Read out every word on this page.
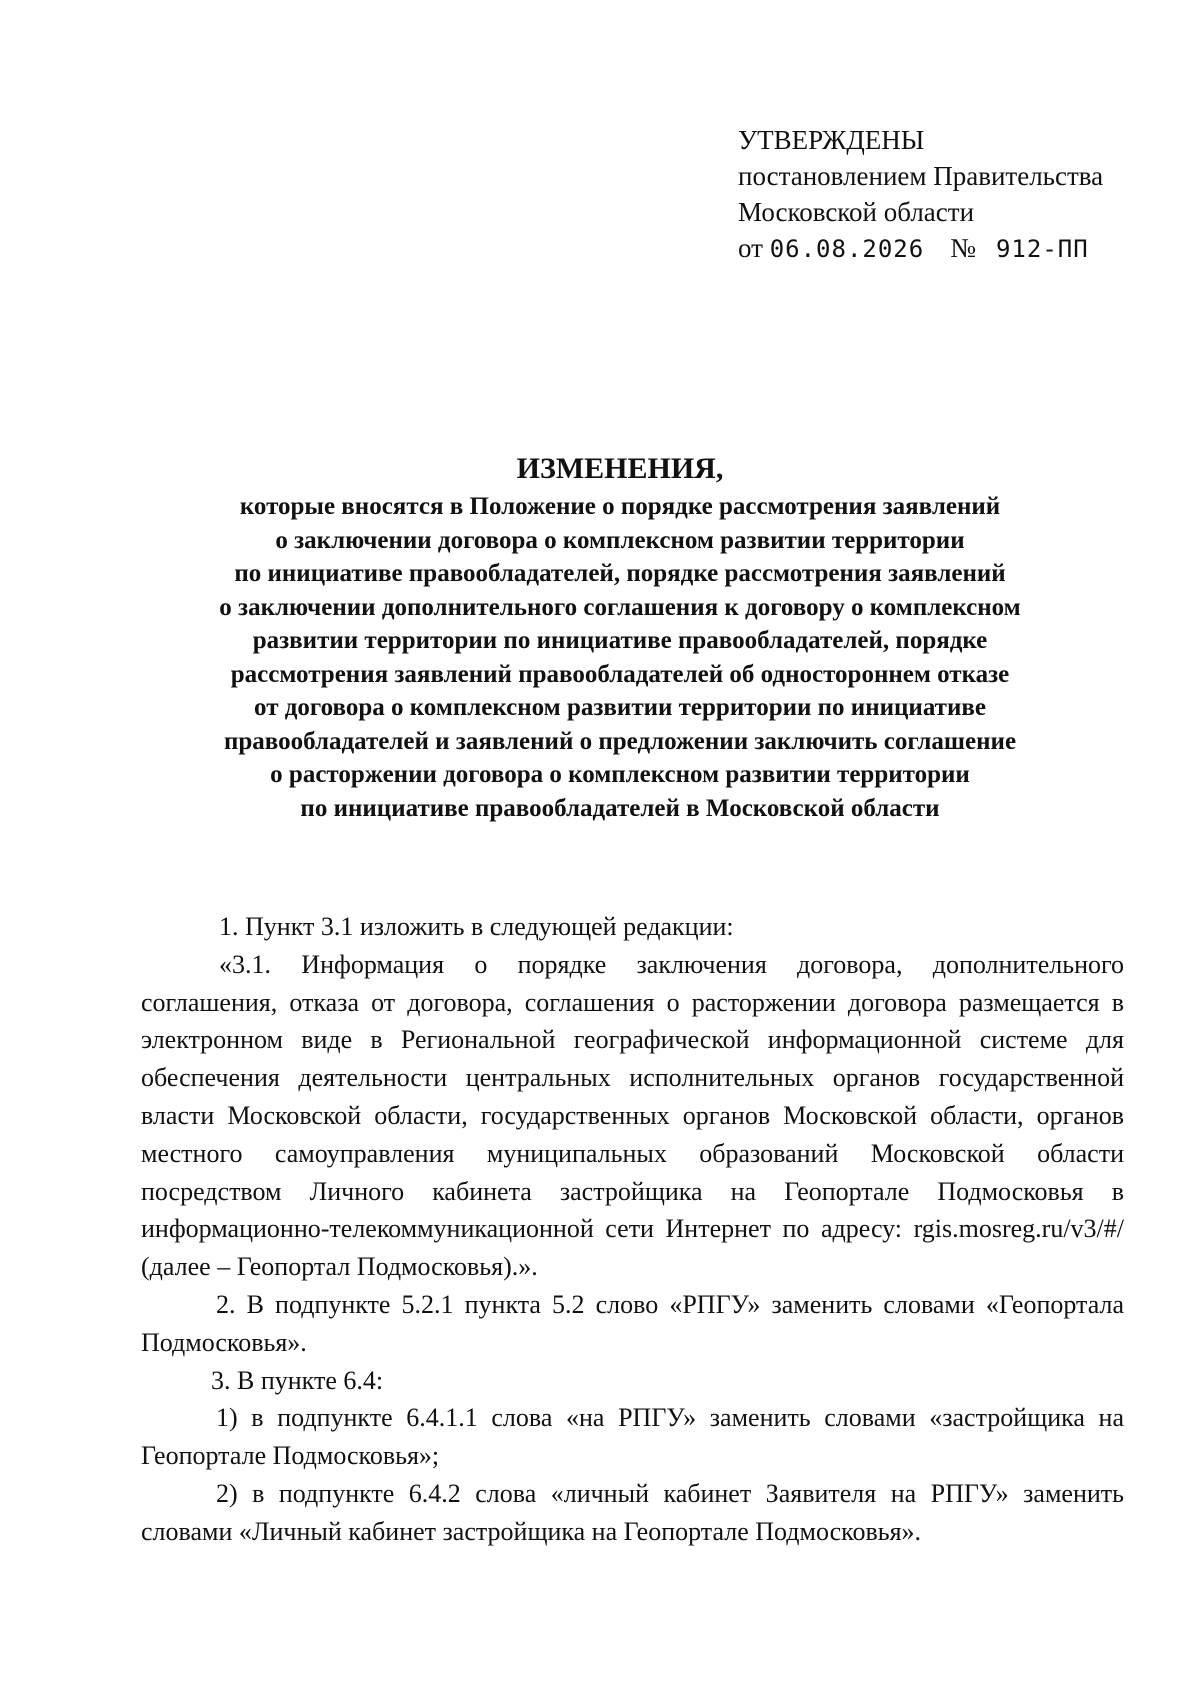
УТВЕРЖДЕНЫ
постановлением Правительства
Московской области
от 06.08.2026 № 912-ПП
ИЗМЕНЕНИЯ,
которые вносятся в Положение о порядке рассмотрения заявлений
о заключении договора о комплексном развитии территории
по инициативе правообладателей, порядке рассмотрения заявлений
о заключении дополнительного соглашения к договору о комплексном
развитии территории по инициативе правообладателей, порядке
рассмотрения заявлений правообладателей об одностороннем отказе
от договора о комплексном развитии территории по инициативе
правообладателей и заявлений о предложении заключить соглашение
о расторжении договора о комплексном развитии территории
по инициативе правообладателей в Московской области

1. Пункт 3.1 изложить в следующей редакции:

«3.1. Информация о порядке заключения договора, дополнительного соглашения, отказа от договора, соглашения о расторжении договора размещается в электронном виде в Региональной географической информационной системе для обеспечения деятельности центральных исполнительных органов государственной власти Московской области, государственных органов Московской области, органов местного самоуправления муниципальных образований Московской области посредством Личного кабинета застройщика на Геопортале Подмосковья в информационно-телекоммуникационной сети Интернет по адресу: rgis.mosreg.ru/v3/#/ (далее – Геопортал Подмосковья).».

2. В подпункте 5.2.1 пункта 5.2 слово «РПГУ» заменить словами «Геопортала Подмосковья».

3. В пункте 6.4:

1) в подпункте 6.4.1.1 слова «на РПГУ» заменить словами «застройщика на Геопортале Подмосковья»;

2) в подпункте 6.4.2 слова «личный кабинет Заявителя на РПГУ» заменить словами «Личный кабинет застройщика на Геопортале Подмосковья».
